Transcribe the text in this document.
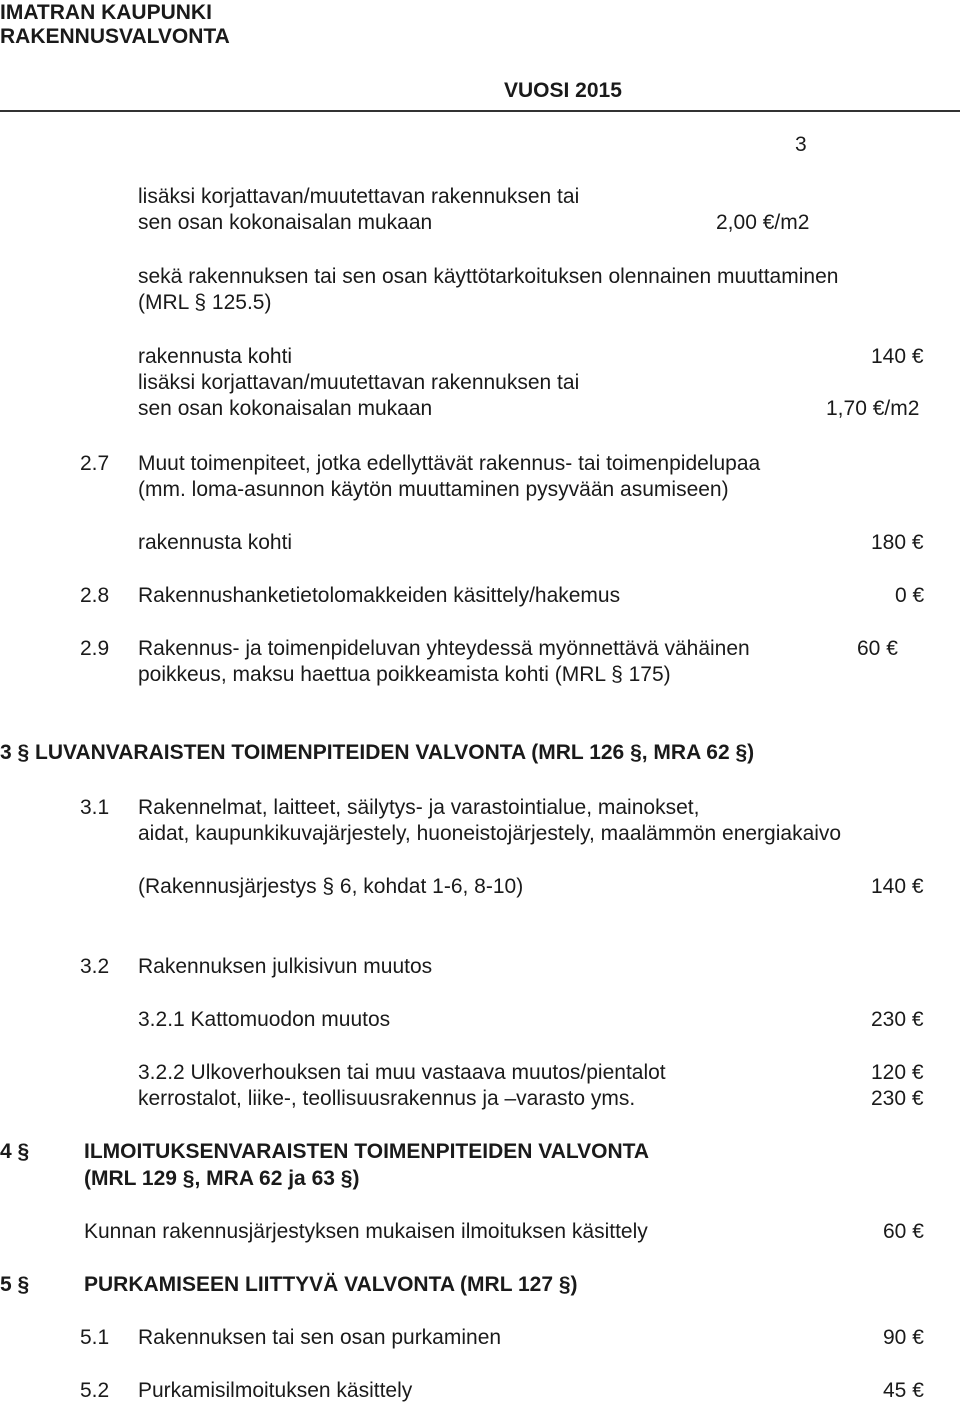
IMATRAN KAUPUNKI
RAKENNUSVALVONTA
VUOSI 2015
3
lisäksi korjattavan/muutettavan rakennuksen tai
sen osan kokonaisalan mukaan	2,00 €/m2
sekä rakennuksen tai sen osan käyttötarkoituksen olennainen muuttaminen
(MRL § 125.5)
rakennusta kohti	140 €
lisäksi korjattavan/muutettavan rakennuksen tai
sen osan kokonaisalan mukaan	1,70 €/m2
2.7 Muut toimenpiteet, jotka edellyttävät rakennus- tai toimenpidelupaa
(mm. loma-asunnon käytön muuttaminen pysyvään asumiseen)
rakennusta kohti	180 €
2.8 Rakennushanketietolomakkeiden käsittely/hakemus	0 €
2.9 Rakennus- ja toimenpideluvan yhteydessä myönnettävä vähäinen	60 €
poikkeus, maksu haettua poikkeamista kohti (MRL § 175)
3 § LUVANVARAISTEN TOIMENPITEIDEN VALVONTA (MRL 126 §, MRA 62 §)
3.1 Rakennelmat, laitteet, säilytys- ja varastointialue, mainokset,
aidat, kaupunkikuvajärjestely, huoneistojärjestely, maalämmön energiakaivo
(Rakennusjärjestys § 6, kohdat 1-6, 8-10)	140 €
3.2 Rakennuksen julkisivun muutos
3.2.1 Kattomuodon muutos	230 €
3.2.2 Ulkoverhouksen tai muu vastaava muutos/pientalot	120 €
kerrostalot, liike-, teollisuusrakennus ja –varasto yms.	230 €
4 §	ILMOITUKSENVARAISTEN TOIMENPITEIDEN VALVONTA
(MRL 129 §, MRA 62 ja 63 §)
Kunnan rakennusjärjestyksen mukaisen ilmoituksen käsittely	60 €
5 §	PURKAMISEEN LIITTYVÄ VALVONTA (MRL 127 §)
5.1 Rakennuksen tai sen osan purkaminen	90 €
5.2 Purkamisilmoituksen käsittely	45 €
